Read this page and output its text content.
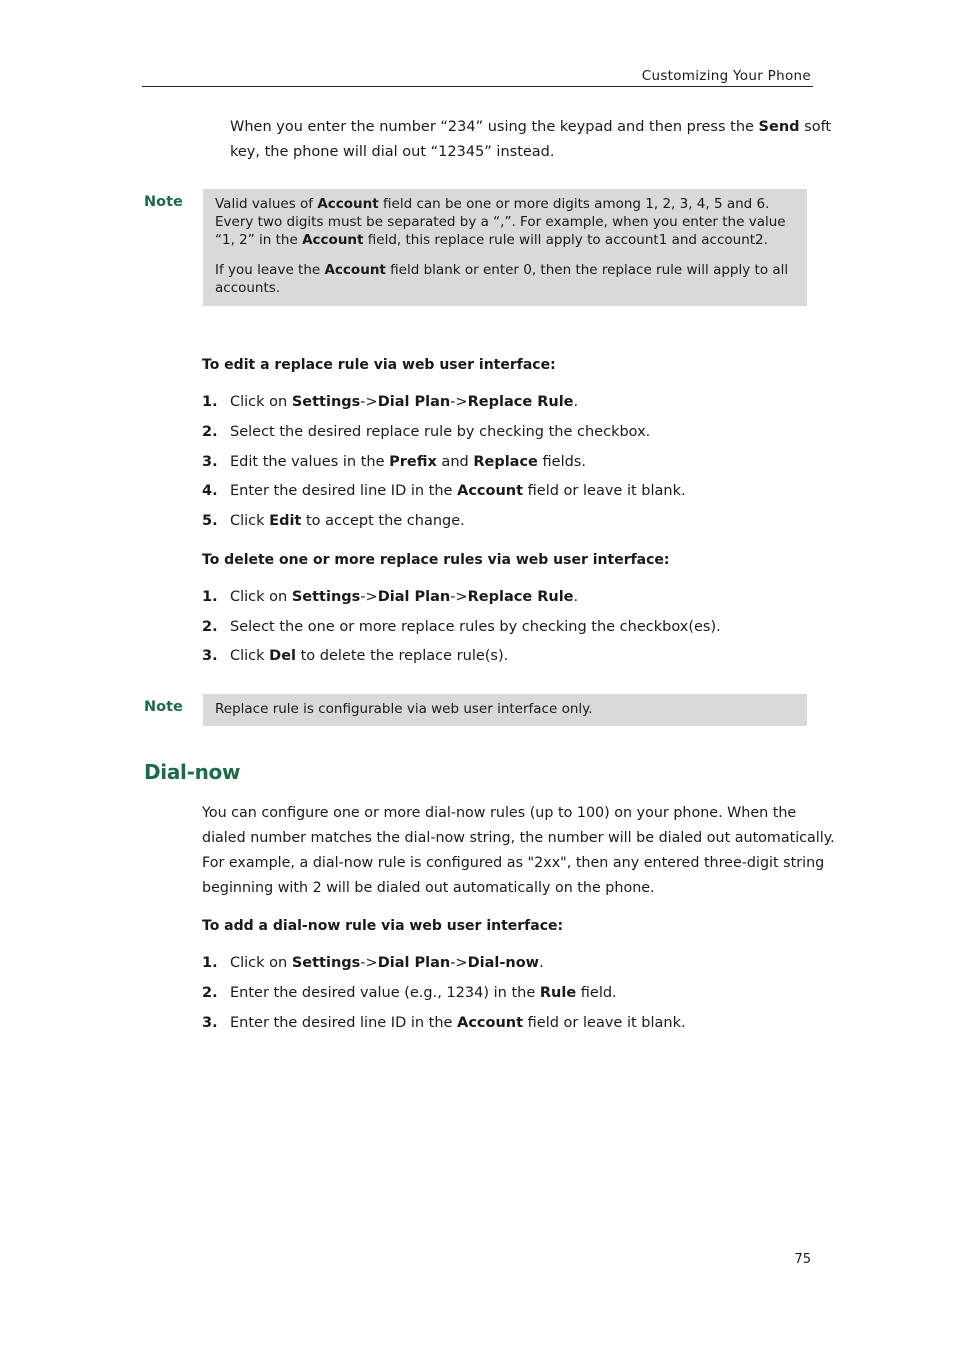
Customizing Your Phone
When you enter the number “234” using the keypad and then press the Send soft
key, the phone will dial out “12345” instead.
Note Valid values of Account field can be one or more digits among 1, 2, 3, 4, 5 and 6. Every two digits must be separated by a “,”. For example, when you enter the value “1, 2” in the Account field, this replace rule will apply to account1 and account2.

If you leave the Account field blank or enter 0, then the replace rule will apply to all accounts.

To edit a replace rule via web user interface:
1. Click on Settings->Dial Plan->Replace Rule.
2. Select the desired replace rule by checking the checkbox.
3. Edit the values in the Prefix and Replace fields.
4. Enter the desired line ID in the Account field or leave it blank.
5. Click Edit to accept the change.
To delete one or more replace rules via web user interface:
1. Click on Settings->Dial Plan->Replace Rule.
2. Select the one or more replace rules by checking the checkbox(es).
3. Click Del to delete the replace rule(s).
Note Replace rule is configurable via web user interface only.

Dial-now
You can configure one or more dial-now rules (up to 100) on your phone. When the
dialed number matches the dial-now string, the number will be dialed out automatically.
For example, a dial-now rule is configured as "2xx", then any entered three-digit string
beginning with 2 will be dialed out automatically on the phone.
To add a dial-now rule via web user interface:
1. Click on Settings->Dial Plan->Dial-now.
2. Enter the desired value (e.g., 1234) in the Rule field.
3. Enter the desired line ID in the Account field or leave it blank.
75
